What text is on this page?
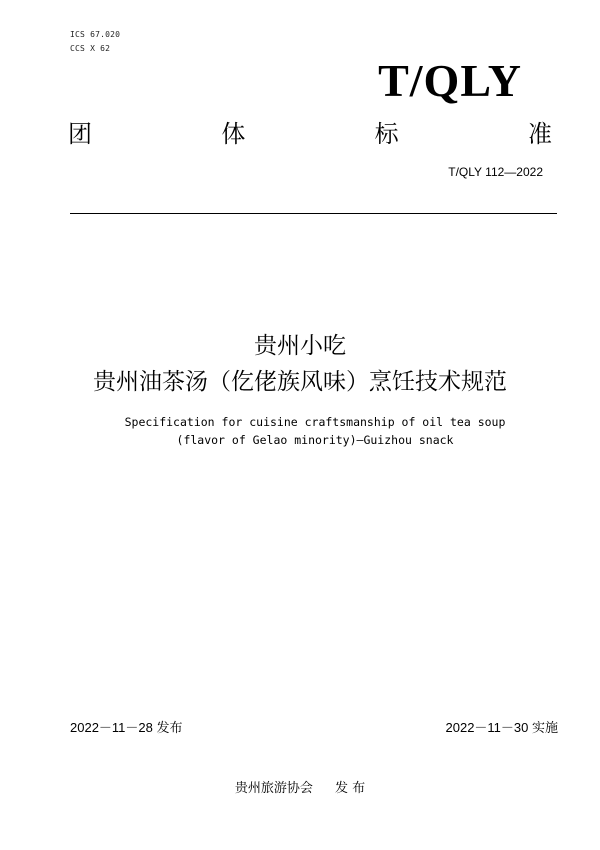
ICS 67.020
CCS X 62
T/QLY
团	体	标	准
T/QLY 112—2022
贵州小吃
贵州油茶汤（仡佬族风味）烹饪技术规范
Specification for cuisine craftsmanship of oil tea soup
(flavor of Gelao minority)—Guizhou snack
2022－11－28 发布	2022－11－30 实施
贵州旅游协会 发 布
